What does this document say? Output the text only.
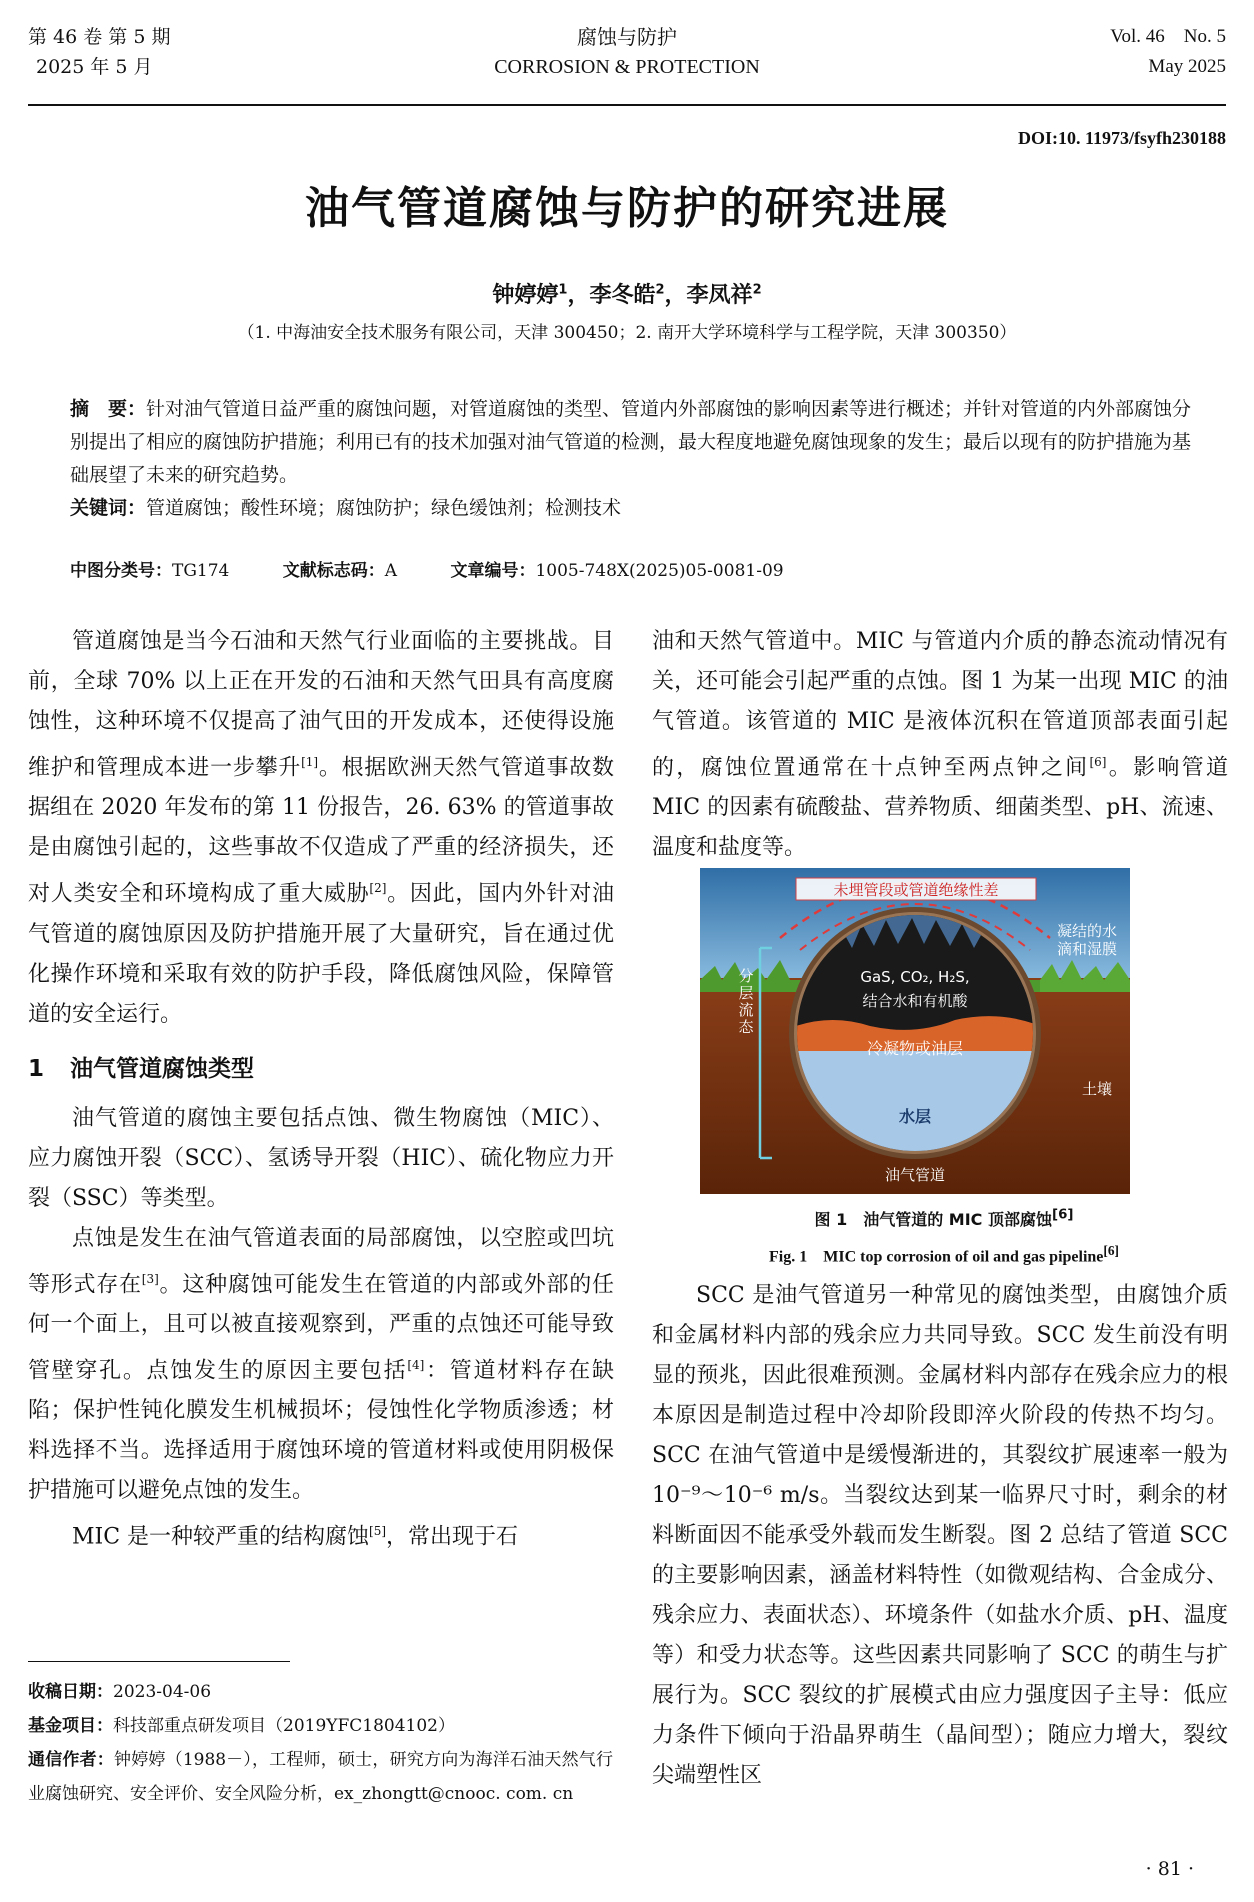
第 46 卷 第 5 期
2025 年 5 月
腐蚀与防护
CORROSION & PROTECTION
Vol. 46    No. 5
May 2025
DOI:10. 11973/fsyfh230188
油气管道腐蚀与防护的研究进展
钟婷婷$^1$，李冬皓$^2$，李凤祥$^2$
（1. 中海油安全技术服务有限公司，天津 300450；2. 南开大学环境科学与工程学院，天津 300350）
摘　要：针对油气管道日益严重的腐蚀问题，对管道腐蚀的类型、管道内外部腐蚀的影响因素等进行概述；并针对管道的内外部腐蚀分别提出了相应的腐蚀防护措施；利用已有的技术加强对油气管道的检测，最大程度地避免腐蚀现象的发生；最后以现有的防护措施为基础展望了未来的研究趋势。
关键词：管道腐蚀；酸性环境；腐蚀防护；绿色缓蚀剂；检测技术
中图分类号：TG174	文献标志码：A	文章编号：1005-748X(2025)05-0081-09

管道腐蚀是当今石油和天然气行业面临的主要挑战。目前，全球 70% 以上正在开发的石油和天然气田具有高度腐蚀性，这种环境不仅提高了油气田的开发成本，还使得设施维护和管理成本进一步攀升[1]。根据欧洲天然气管道事故数据组在 2020 年发布的第 11 份报告，26. 63% 的管道事故是由腐蚀引起的，这些事故不仅造成了严重的经济损失，还对人类安全和环境构成了重大威胁[2]。因此，国内外针对油气管道的腐蚀原因及防护措施开展了大量研究，旨在通过优化操作环境和采取有效的防护手段，降低腐蚀风险，保障管道的安全运行。

1 油气管道腐蚀类型

油气管道的腐蚀主要包括点蚀、微生物腐蚀（MIC）、应力腐蚀开裂（SCC）、氢诱导开裂（HIC）、硫化物应力开裂（SSC）等类型。

点蚀是发生在油气管道表面的局部腐蚀，以空腔或凹坑等形式存在[3]。这种腐蚀可能发生在管道的内部或外部的任何一个面上，且可以被直接观察到，严重的点蚀还可能导致管壁穿孔。点蚀发生的原因主要包括[4]：管道材料存在缺陷；保护性钝化膜发生机械损坏；侵蚀性化学物质渗透；材料选择不当。选择适用于腐蚀环境的管道材料或使用阴极保护措施可以避免点蚀的发生。

MIC 是一种较严重的结构腐蚀[5]，常出现于石

收稿日期：2023-04-06
基金项目：科技部重点研发项目（2019YFC1804102）
通信作者：钟婷婷（1988－），工程师，硕士，研究方向为海洋石油天然气行业腐蚀研究、安全评价、安全风险分析，ex_zhongtt@cnooc. com. cn

油和天然气管道中。MIC 与管道内介质的静态流动情况有关，还可能会引起严重的点蚀。图 1 为某一出现 MIC 的油气管道。该管道的 MIC 是液体沉积在管道顶部表面引起的，腐蚀位置通常在十点钟至两点钟之间[6]。影响管道 MIC 的因素有硫酸盐、营养物质、细菌类型、pH、流速、温度和盐度等。

未埋管段或管道绝缘性差
凝结的水
滴和湿膜
GaS, CO₂, H₂S,
结合水和有机酸
冷凝物或油层
分
层
流
态
水层
土壤
油气管道
图 1　油气管道的 MIC 顶部腐蚀[6]
Fig. 1　MIC top corrosion of oil and gas pipeline[6]

SCC 是油气管道另一种常见的腐蚀类型，由腐蚀介质和金属材料内部的残余应力共同导致。SCC 发生前没有明显的预兆，因此很难预测。金属材料内部存在残余应力的根本原因是制造过程中冷却阶段即淬火阶段的传热不均匀。SCC 在油气管道中是缓慢渐进的，其裂纹扩展速率一般为 10⁻⁹～10⁻⁶ m/s。当裂纹达到某一临界尺寸时，剩余的材料断面因不能承受外载而发生断裂。图 2 总结了管道 SCC 的主要影响因素，涵盖材料特性（如微观结构、合金成分、残余应力、表面状态）、环境条件（如盐水介质、pH、温度等）和受力状态等。这些因素共同影响了 SCC 的萌生与扩展行为。SCC 裂纹的扩展模式由应力强度因子主导：低应力条件下倾向于沿晶界萌生（晶间型）；随应力增大，裂纹尖端塑性区

· 81 ·
